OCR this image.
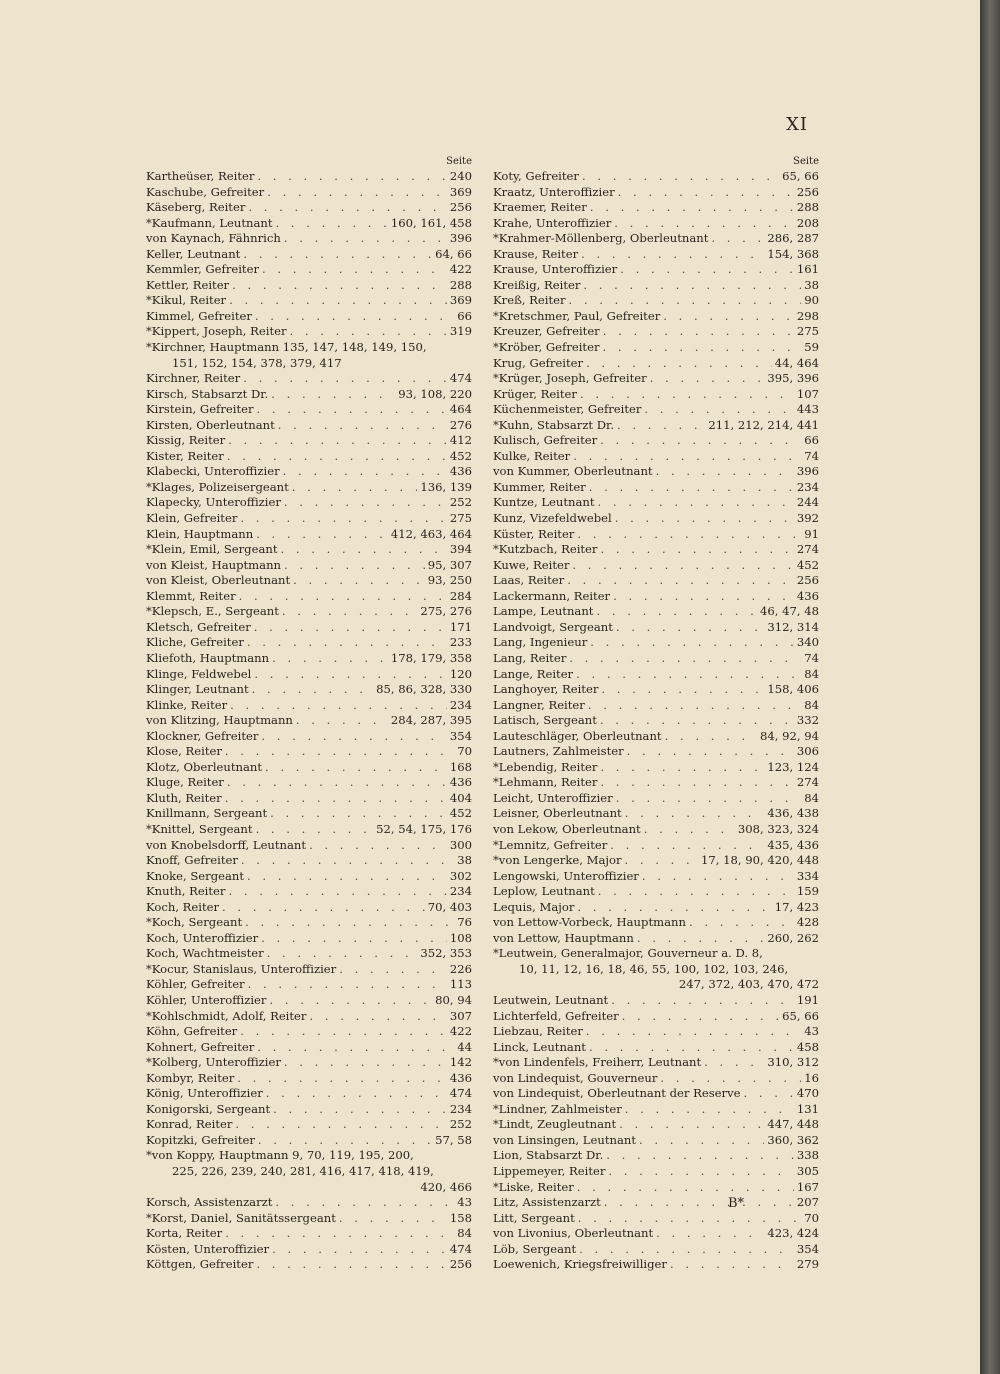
XI
Seite
Kartheüser, Reiter . . .	240
Kaschube, Gefreiter . . .	369
Käseberg, Reiter . . .	256
*Kaufmann, Leutnant . . .	160, 161, 458
von Kaynach, Fähnrich . . .	396
Keller, Leutnant . . .	64, 66
Kemmler, Gefreiter . . .	422
Kettler, Reiter . . .	288
*Kikul, Reiter . . .	369
Kimmel, Gefreiter . . .	66
*Kippert, Joseph, Reiter . . .	319
*Kirchner, Hauptmann 135, 147, 148, 149, 150,
151, 152, 154, 378, 379, 417
Kirchner, Reiter . . .	474
Kirsch, Stabsarzt Dr. . . .	93, 108, 220
Kirstein, Gefreiter . . .	464
Kirsten, Oberleutnant . . .	276
Kissig, Reiter . . .	412
Kister, Reiter . . .	452
Klabecki, Unteroffizier . . .	436
*Klages, Polizeisergeant . . .	136, 139
Klapecky, Unteroffizier . . .	252
Klein, Gefreiter . . .	275
Klein, Hauptmann . . .	412, 463, 464
*Klein, Emil, Sergeant . . .	394
von Kleist, Hauptmann . . .	95, 307
von Kleist, Oberleutnant . . .	93, 250
Klemmt, Reiter . . .	284
*Klepsch, E., Sergeant . . .	275, 276
Kletsch, Gefreiter . . .	171
Kliche, Gefreiter . . .	233
Kliefoth, Hauptmann . . .	178, 179, 358
Klinge, Feldwebel . . .	120
Klinger, Leutnant . . .	85, 86, 328, 330
Klinke, Reiter . . .	234
von Klitzing, Hauptmann . . .	284, 287, 395
Klockner, Gefreiter . . .	354
Klose, Reiter . . .	70
Klotz, Oberleutnant . . .	168
Kluge, Reiter . . .	436
Kluth, Reiter . . .	404
Knillmann, Sergeant . . .	452
*Knittel, Sergeant . . .	52, 54, 175, 176
von Knobelsdorff, Leutnant . . .	300
Knoff, Gefreiter . . .	38
Knoke, Sergeant . . .	302
Knuth, Reiter . . .	234
Koch, Reiter . . .	70, 403
*Koch, Sergeant . . .	76
Koch, Unteroffizier . . .	108
Koch, Wachtmeister . . .	352, 353
*Kocur, Stanislaus, Unteroffizier . . .	226
Köhler, Gefreiter . . .	113
Köhler, Unteroffizier . . .	80, 94
*Kohlschmidt, Adolf, Reiter . . .	307
Köhn, Gefreiter . . .	422
Kohnert, Gefreiter . . .	44
*Kolberg, Unteroffizier . . .	142
Kombyr, Reiter . . .	436
König, Unteroffizier . . .	474
Konigorski, Sergeant . . .	234
Konrad, Reiter . . .	252
Kopitzki, Gefreiter . . .	57, 58
*von Koppy, Hauptmann 9, 70, 119, 195, 200,
225, 226, 239, 240, 281, 416, 417, 418, 419,
420, 466
Korsch, Assistenzarzt . . .	43
*Korst, Daniel, Sanitätssergeant . . .	158
Korta, Reiter . . .	84
Kösten, Unteroffizier . . .	474
Köttgen, Gefreiter . . .	256
Seite
Koty, Gefreiter . . .	65, 66
Kraatz, Unteroffizier . . .	256
Kraemer, Reiter . . .	288
Krahe, Unteroffizier . . .	208
*Krahmer-Möllenberg, Oberleutnant . . .	286, 287
Krause, Reiter . . .	154, 368
Krause, Unteroffizier . . .	161
Kreißig, Reiter . . .	38
Kreß, Reiter . . .	90
*Kretschmer, Paul, Gefreiter . . .	298
Kreuzer, Gefreiter . . .	275
*Kröber, Gefreiter . . .	59
Krug, Gefreiter . . .	44, 464
*Krüger, Joseph, Gefreiter . . .	395, 396
Krüger, Reiter . . .	107
Küchenmeister, Gefreiter . . .	443
*Kuhn, Stabsarzt Dr. . . .	211, 212, 214, 441
Kulisch, Gefreiter . . .	66
Kulke, Reiter . . .	74
von Kummer, Oberleutnant . . .	396
Kummer, Reiter . . .	234
Kuntze, Leutnant . . .	244
Kunz, Vizefeldwebel . . .	392
Küster, Reiter . . .	91
*Kutzbach, Reiter . . .	274
Kuwe, Reiter . . .	452
Laas, Reiter . . .	256
Lackermann, Reiter . . .	436
Lampe, Leutnant . . .	46, 47, 48
Landvoigt, Sergeant . . .	312, 314
Lang, Ingenieur . . .	340
Lang, Reiter . . .	74
Lange, Reiter . . .	84
Langhoyer, Reiter . . .	158, 406
Langner, Reiter . . .	84
Latisch, Sergeant . . .	332
Lauteschläger, Oberleutnant . . .	84, 92, 94
Lautners, Zahlmeister . . .	306
*Lebendig, Reiter . . .	123, 124
*Lehmann, Reiter . . .	274
Leicht, Unteroffizier . . .	84
Leisner, Oberleutnant . . .	436, 438
von Lekow, Oberleutnant . . .	308, 323, 324
*Lemnitz, Gefreiter . . .	435, 436
*von Lengerke, Major . . .	17, 18, 90, 420, 448
Lengowski, Unteroffizier . . .	334
Leplow, Leutnant . . .	159
Lequis, Major . . .	17, 423
von Lettow-Vorbeck, Hauptmann . . .	428
von Lettow, Hauptmann . . .	260, 262
*Leutwein, Generalmajor, Gouverneur a. D. 8,
10, 11, 12, 16, 18, 46, 55, 100, 102, 103, 246,
247, 372, 403, 470, 472
Leutwein, Leutnant . . .	191
Lichterfeld, Gefreiter . . .	65, 66
Liebzau, Reiter . . .	43
Linck, Leutnant . . .	458
*von Lindenfels, Freiherr, Leutnant . . .	310, 312
von Lindequist, Gouverneur . . .	16
von Lindequist, Oberleutnant der Reserve . . .	470
*Lindner, Zahlmeister . . .	131
*Lindt, Zeugleutnant . . .	447, 448
von Linsingen, Leutnant . . .	360, 362
Lion, Stabsarzt Dr. . . .	338
Lippemeyer, Reiter . . .	305
*Liske, Reiter . . .	167
Litz, Assistenzarzt . . .	207
Litt, Sergeant . . .	70
von Livonius, Oberleutnant . . .	423, 424
Löb, Sergeant . . .	354
Loewenich, Kriegsfreiwilliger . . .	279
B*
